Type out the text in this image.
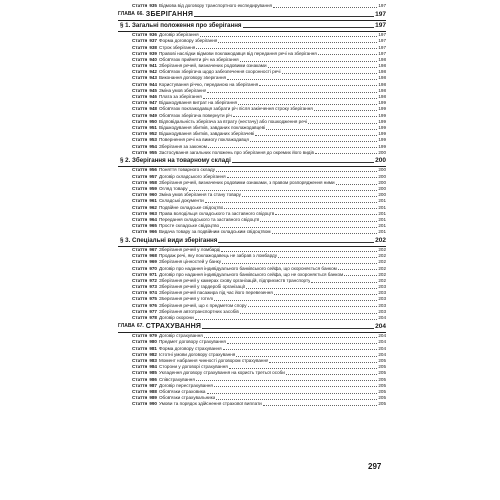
Стаття 935 Відмова від договору транспортного експедирування	197
ГЛАВА 66. ЗБЕРІГАННЯ	197
§ 1. Загальні положення про зберігання	197
Стаття 936 Договір зберігання	197
Стаття 937 Форма договору зберігання	197
Стаття 938 Строк зберігання	197
Стаття 939 Правові наслідки відмови поклажодавця від передання речі на зберігання	197
Стаття 940 Обов'язок прийняти річ на зберігання	198
Стаття 941 Зберігання речей, визначених родовими ознаками	198
Стаття 942 Обов'язок зберігача щодо забезпечення схоронності речі	198
Стаття 943 Виконання договору зберігання	198
Стаття 944 Користування річчю, переданою на зберігання	198
Стаття 945 Зміна умов зберігання	198
Стаття 946 Плата за зберігання	198
Стаття 947 Відшкодування витрат на зберігання	199
Стаття 948 Обов'язок поклажодавця забрати річ після закінчення строку зберігання	199
Стаття 949 Обов'язок зберігача повернути річ	199
Стаття 950 Відповідальність зберігача за втрату (нестачу) або пошкодження речі	199
Стаття 951 Відшкодування збитків, завданих поклажодавцеві	199
Стаття 952 Відшкодування збитків, завданих зберігачеві	199
Стаття 953 Повернення речі на вимогу поклажодавця	199
Стаття 954 Зберігання за законом	199
Стаття 955 Застосування загальних положень про зберігання до окремих його видів	200
§ 2. Зберігання на товарному складі	200
Стаття 956 Поняття товарного складу	200
Стаття 957 Договір складського зберігання	200
Стаття 958 Зберігання речей, визначених родовими ознаками, з правом розпорядження ними	200
Стаття 959 Огляд товару	200
Стаття 960 Зміна умов зберігання та стану товару	200
Стаття 961 Складські документи	201
Стаття 962 Подвійне складське свідоцтво	201
Стаття 963 Права володільця складського та заставного свідоцтв	201
Стаття 964 Передання складського та заставного свідоцтв	201
Стаття 965 Просте складське свідоцтво	201
Стаття 966 Видача товару за подвійним складським свідоцтвом	201
§ 3. Спеціальні види зберігання	202
Стаття 967 Зберігання речей у ломбарді	202
Стаття 968 Продаж речі, яку поклажодавець не забрав з ломбарду	202
Стаття 969 Зберігання цінностей у банку	202
Стаття 970 Договір про надання індивідуального банківського сейфа, що охороняється банком	202
Стаття 971 Договір про надання індивідуального банківського сейфа, що не охороняється банком	202
Стаття 972 Зберігання речей у камерах схову організацій, підприємств транспорту	202
Стаття 973 Зберігання речей у гардеробі організації	203
Стаття 974 Зберігання речей пасажира під час його перевезення	203
Стаття 975 Зберігання речей у готелі	203
Стаття 976 Зберігання речей, що є предметом спору	203
Стаття 977 Зберігання автотранспортних засобів	203
Стаття 978 Договір охорони	204
ГЛАВА 67. СТРАХУВАННЯ	204
Стаття 979 Договір страхування	204
Стаття 980 Предмет договору страхування	204
Стаття 981 Форма договору страхування	204
Стаття 982 Істотні умови договору страхування	204
Стаття 983 Момент набрання чинності договором страхування	205
Стаття 984 Сторони у договорі страхування	205
Стаття 985 Укладення договору страхування на користь третьої особи	205
Стаття 986 Співстрахування	205
Стаття 987 Договір перестрахування	205
Стаття 988 Обов'язки страховика	205
Стаття 989 Обов'язки страхувальника	205
Стаття 990 Умови та порядок здійснення страхової виплати	205
297
